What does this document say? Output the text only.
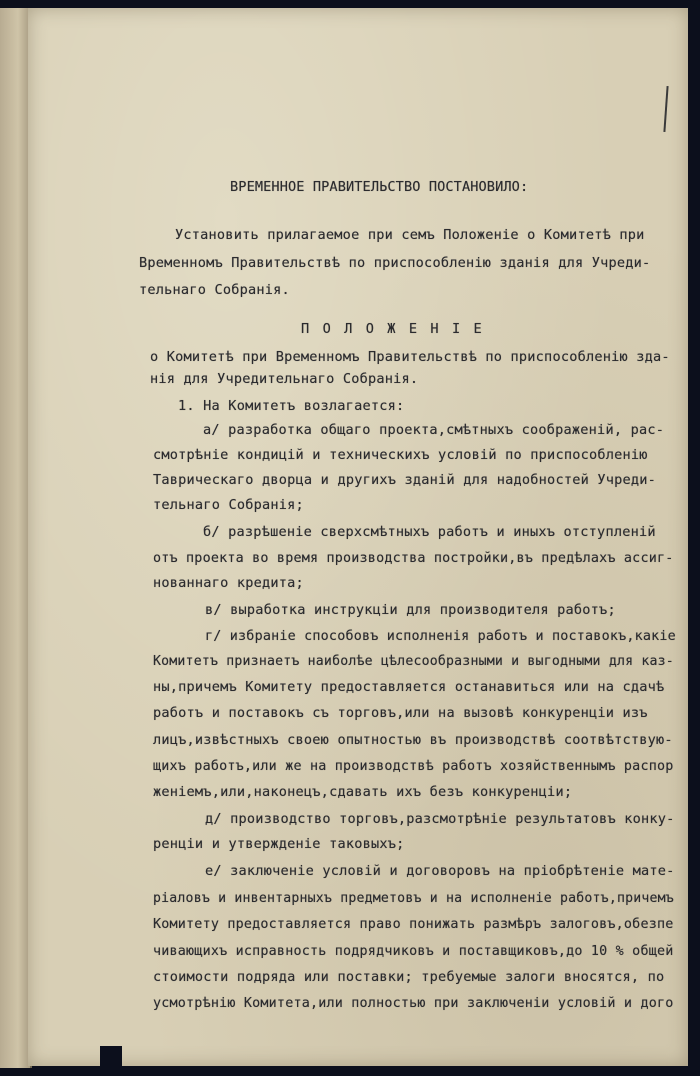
ВРЕМЕННОЕ ПРАВИТЕЛЬСТВО ПОСТАНОВИЛО:
Установить прилагаемое при семъ Положеніе о Комитетѣ при
Временномъ Правительствѣ по приспособленію зданія для Учреди-
тельнаго Собранія.
П О Л О Ж Е Н І Е
о Комитетѣ при Временномъ Правительствѣ по приспособленію зда-
нія для Учредительнаго Собранія.
1. На Комитетъ возлагается:
а/ разработка общаго проекта,смѣтныхъ соображеній, рас-
смотрѣніе кондицій и техническихъ условій по приспособленію
Таврическаго дворца и другихъ зданій для надобностей Учреди-
тельнаго Собранія;
б/ разрѣшеніе сверхсмѣтныхъ работъ и иныхъ отступленій
отъ проекта во время производства постройки,въ предѣлахъ ассиг-
нованнаго кредита;
в/ выработка инструкціи для производителя работъ;
г/ избраніе способовъ исполненія работъ и поставокъ,какіе
Комитетъ признаетъ наиболѣе цѣлесообразными и выгодными для каз-
ны,причемъ Комитету предоставляется останавиться или на сдачѣ
работъ и поставокъ съ торговъ,или на вызовѣ конкуренціи изъ
лицъ,извѣстныхъ своею опытностью въ производствѣ соотвѣтствую-
щихъ работъ,или же на производствѣ работъ хозяйственнымъ распор
женіемъ,или,наконецъ,сдавать ихъ безъ конкуренціи;
д/ производство торговъ,разсмотрѣніе результатовъ конку-
ренціи и утвержденіе таковыхъ;
е/ заключеніе условій и договоровъ на пріобрѣтеніе мате-
ріаловъ и инвентарныхъ предметовъ и на исполненіе работъ,причемъ
Комитету предоставляется право понижать размѣръ залоговъ,обезпе
чивающихъ исправность подрядчиковъ и поставщиковъ,до 10 % общей
стоимости подряда или поставки; требуемые залоги вносятся, по
усмотрѣнію Комитета,или полностью при заключеніи условій и дого
